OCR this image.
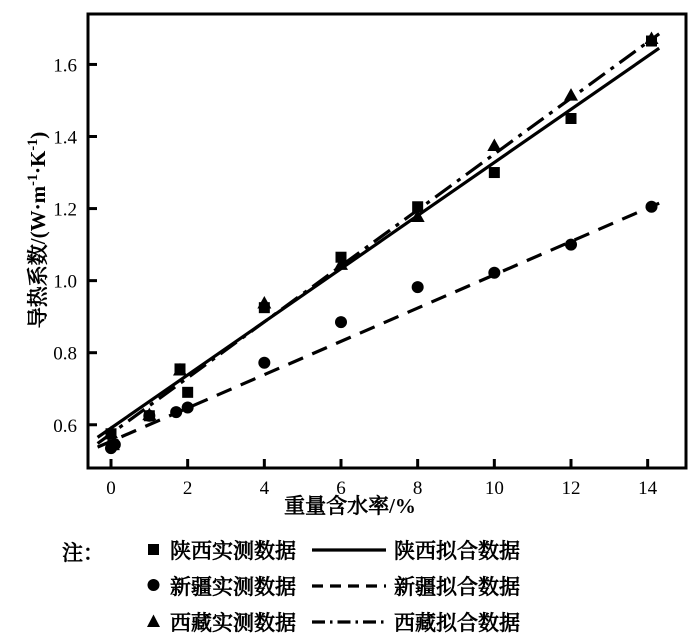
0	2	4	6	8	10	12	14
0.6
0.8
1.0
1.2
1.4
1.6
导热系数$/(W\cdot m^{-1}\cdot K^{-1})$
重量含水率/%
注：	陕西实测数据	陕西拟合数据
新疆实测数据	新疆拟合数据
西藏实测数据	西藏拟合数据
